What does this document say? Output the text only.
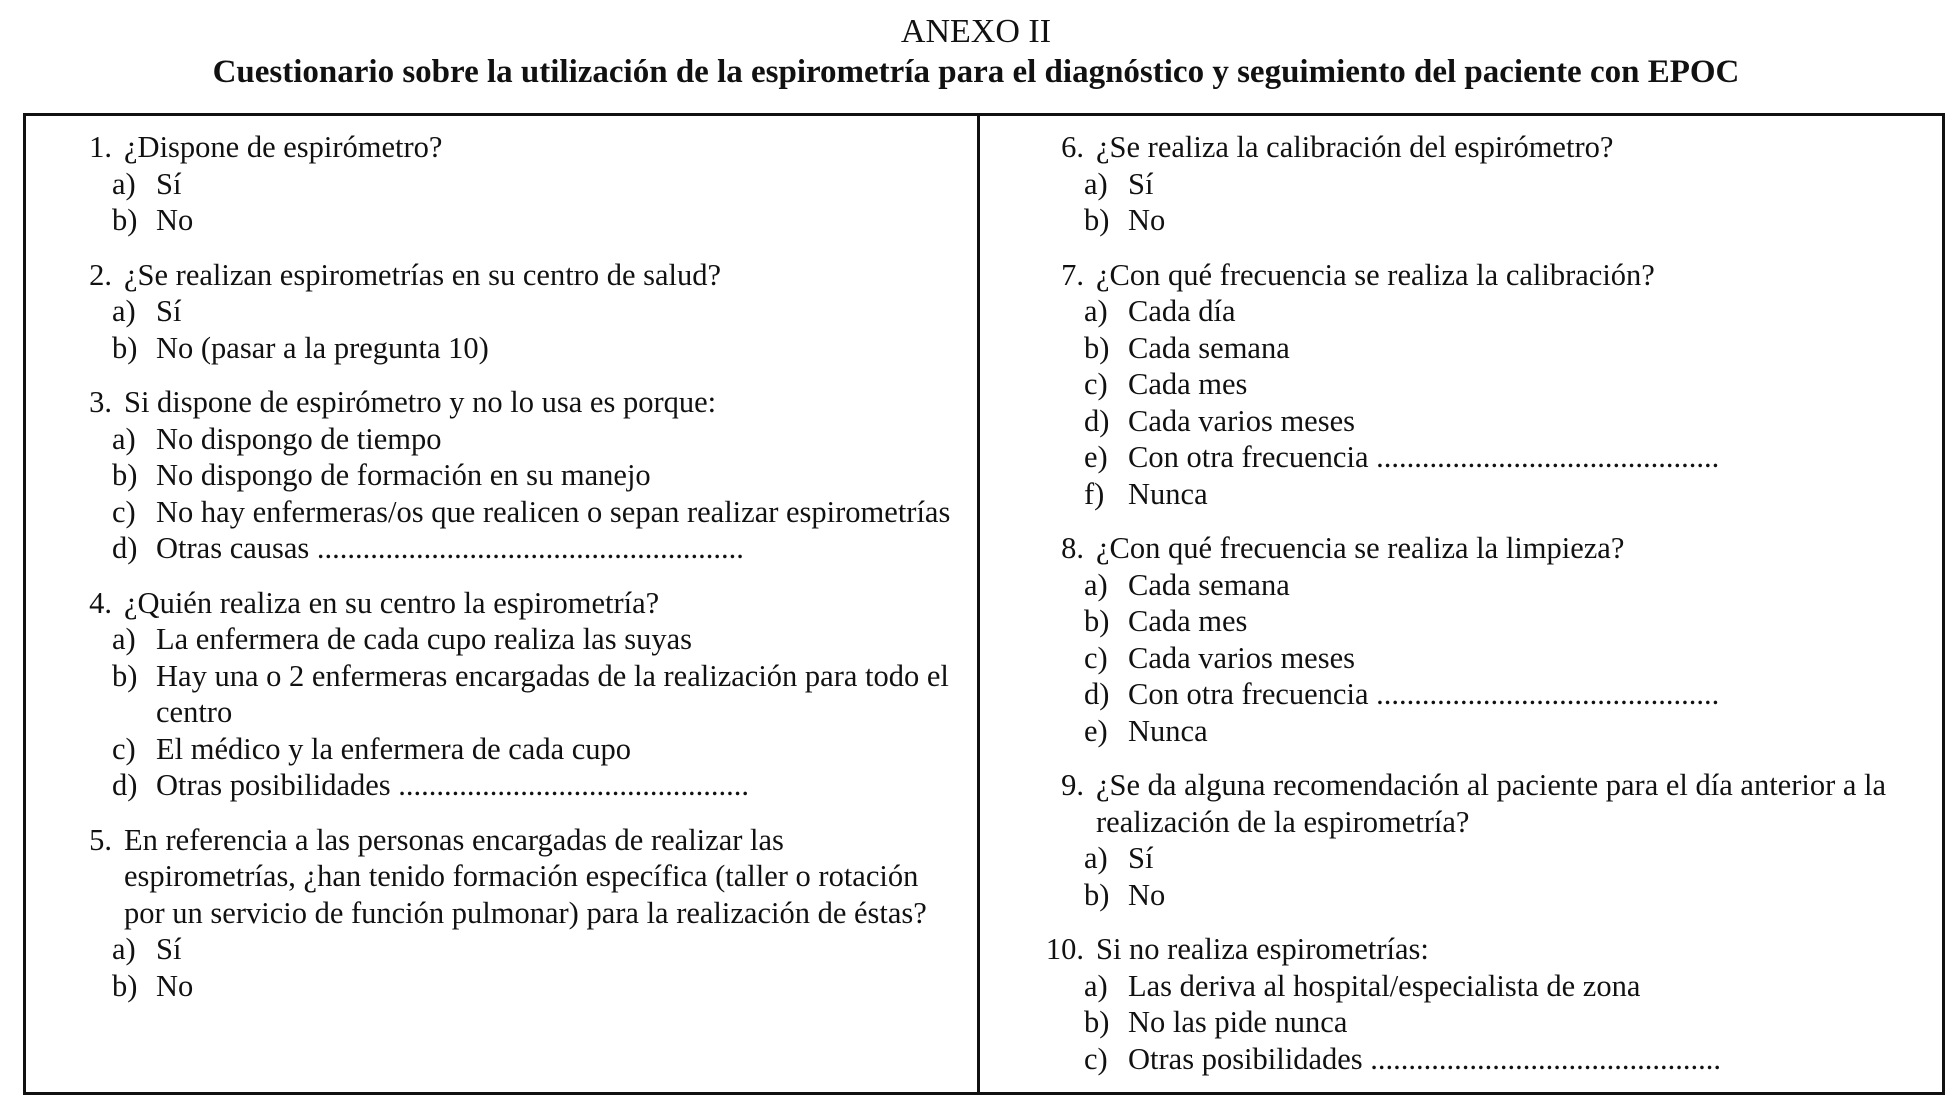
ANEXO II
Cuestionario sobre la utilización de la espirometría para el diagnóstico y seguimiento del paciente con EPOC
1. ¿Dispone de espirómetro?
a) Sí
b) No
2. ¿Se realizan espirometrías en su centro de salud?
a) Sí
b) No (pasar a la pregunta 10)
3. Si dispone de espirómetro y no lo usa es porque:
a) No dispongo de tiempo
b) No dispongo de formación en su manejo
c) No hay enfermeras/os que realicen o sepan realizar espirometrías
d) Otras causas ........................................................
4. ¿Quién realiza en su centro la espirometría?
a) La enfermera de cada cupo realiza las suyas
b) Hay una o 2 enfermeras encargadas de la realización para todo el centro
c) El médico y la enfermera de cada cupo
d) Otras posibilidades ..............................................
5. En referencia a las personas encargadas de realizar las espirometrías, ¿han tenido formación específica (taller o rotación por un servicio de función pulmonar) para la realización de éstas?
a) Sí
b) No
6. ¿Se realiza la calibración del espirómetro?
a) Sí
b) No
7. ¿Con qué frecuencia se realiza la calibración?
a) Cada día
b) Cada semana
c) Cada mes
d) Cada varios meses
e) Con otra frecuencia .............................................
f) Nunca
8. ¿Con qué frecuencia se realiza la limpieza?
a) Cada semana
b) Cada mes
c) Cada varios meses
d) Con otra frecuencia .............................................
e) Nunca
9. ¿Se da alguna recomendación al paciente para el día anterior a la realización de la espirometría?
a) Sí
b) No
10. Si no realiza espirometrías:
a) Las deriva al hospital/especialista de zona
b) No las pide nunca
c) Otras posibilidades ..............................................
